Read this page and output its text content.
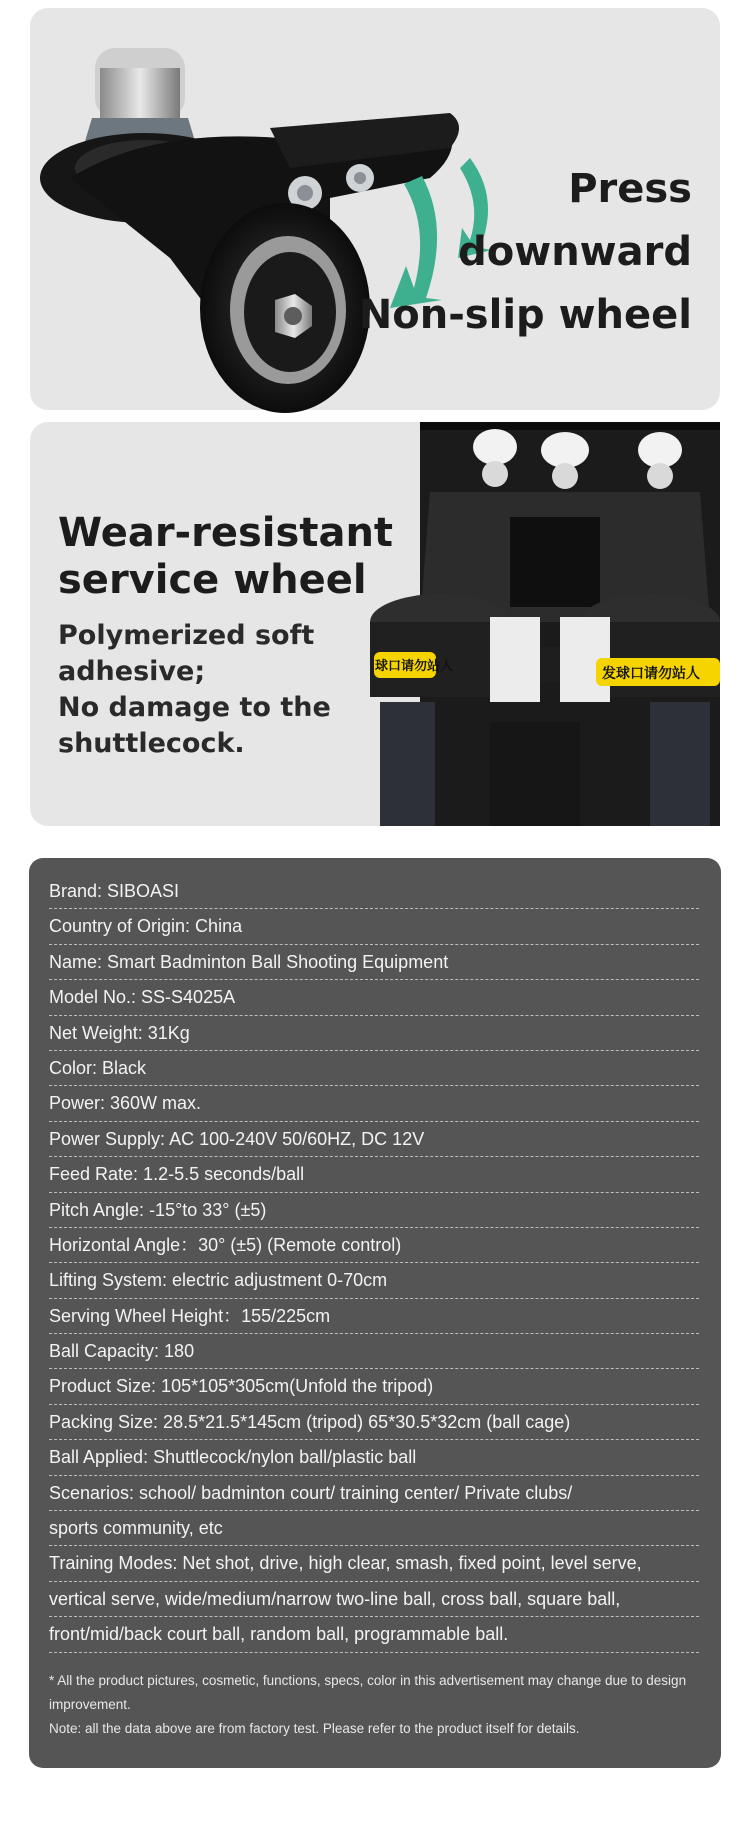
Press
downward
Non-slip wheel
球口请勿站人	发球口请勿站人
Wear-resistant
service wheel
Polymerized soft
adhesive;
No damage to the
shuttlecock.
Brand: SIBOASI
Country of Origin: China
Name: Smart Badminton Ball Shooting Equipment
Model No.: SS-S4025A
Net Weight: 31Kg
Color: Black
Power: 360W max.
Power Supply: AC 100-240V 50/60HZ, DC 12V
Feed Rate: 1.2-5.5 seconds/ball
Pitch Angle: -15°to 33° (±5)
Horizontal Angle：30° (±5) (Remote control)
Lifting System: electric adjustment 0-70cm
Serving Wheel Height：155/225cm
Ball Capacity: 180
Product Size: 105*105*305cm(Unfold the tripod)
Packing Size: 28.5*21.5*145cm (tripod) 65*30.5*32cm (ball cage)
Ball Applied: Shuttlecock/nylon ball/plastic ball
Scenarios: school/ badminton court/ training center/ Private clubs/
sports community, etc
Training Modes: Net shot, drive, high clear, smash, fixed point, level serve,
vertical serve, wide/medium/narrow two-line ball, cross ball, square ball,
front/mid/back court ball, random ball, programmable ball.

* All the product pictures, cosmetic, functions, specs, color in this advertisement may change due to design improvement.

Note: all the data above are from factory test. Please refer to the product itself for details.
